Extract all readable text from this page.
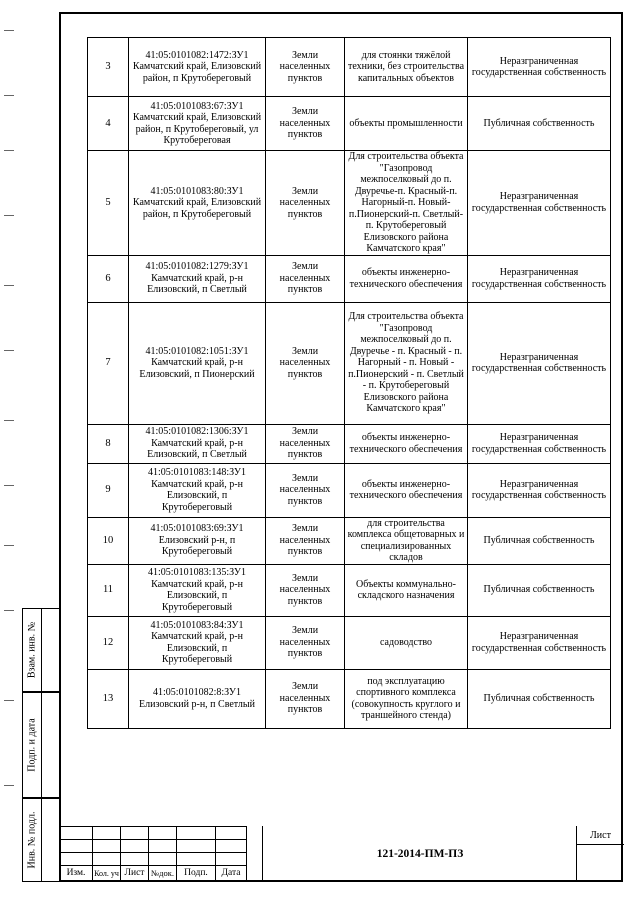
3	41:05:0101082:1472:ЗУ1 Камчатский край, Елизовский район, п Крутобереговый	Земли населенных пунктов	для стоянки тяжёлой техники, без строительства капитальных объектов	Неразграниченная государственная собственность
4	41:05:0101083:67:ЗУ1 Камчатский край, Елизовский район, п Крутобереговый, ул Крутобереговая	Земли населенных пунктов	объекты промышленности	Публичная собственность
5	41:05:0101083:80:ЗУ1 Камчатский край, Елизовский район, п Крутобереговый	Земли населенных пунктов	Для строительства объекта "Газопровод межпоселковый до п. Двуречье-п. Красный-п. Нагорный-п. Новый-п.Пионерский-п. Светлый-п. Крутобереговый Елизовского района Камчатского края"	Неразграниченная государственная собственность
6	41:05:0101082:1279:ЗУ1 Камчатский край, р-н Елизовский, п Светлый	Земли населенных пунктов	объекты инженерно-технического обеспечения	Неразграниченная государственная собственность
7	41:05:0101082:1051:ЗУ1 Камчатский край, р-н Елизовский, п Пионерский	Земли населенных пунктов	Для строительства объекта "Газопровод межпоселковый до п. Двуречье - п. Красный - п. Нагорный - п. Новый - п.Пионерский - п. Светлый - п. Крутобереговый Елизовского района Камчатского края"	Неразграниченная государственная собственность
8	41:05:0101082:1306:ЗУ1 Камчатский край, р-н Елизовский, п Светлый	Земли населенных пунктов	объекты инженерно-технического обеспечения	Неразграниченная государственная собственность
9	41:05:0101083:148:ЗУ1 Камчатский край, р-н Елизовский, п Крутобереговый	Земли населенных пунктов	объекты инженерно-технического обеспечения	Неразграниченная государственная собственность
10	41:05:0101083:69:ЗУ1 Елизовский р-н, п Крутобереговый	Земли населенных пунктов	для строительства комплекса общетоварных и специализированных складов	Публичная собственность
11	41:05:0101083:135:ЗУ1 Камчатский край, р-н Елизовский, п Крутобереговый	Земли населенных пунктов	Объекты коммунально-складского назначения	Публичная собственность
12	41:05:0101083:84:ЗУ1 Камчатский край, р-н Елизовский, п Крутобереговый	Земли населенных пунктов	садоводство	Неразграниченная государственная собственность
13	41:05:0101082:8:ЗУ1 Елизовский р-н, п Светлый	Земли населенных пунктов	под эксплуатацию спортивного комплекса (совокупность круглого и траншейного стенда)	Публичная собственность
Взам. инв. №
Подп. и дата
Инв. № подл.

Изм.	Кол. уч	Лист	№док.	Подп.	Дата
121-2014-ПМ-ПЗ
Лист
